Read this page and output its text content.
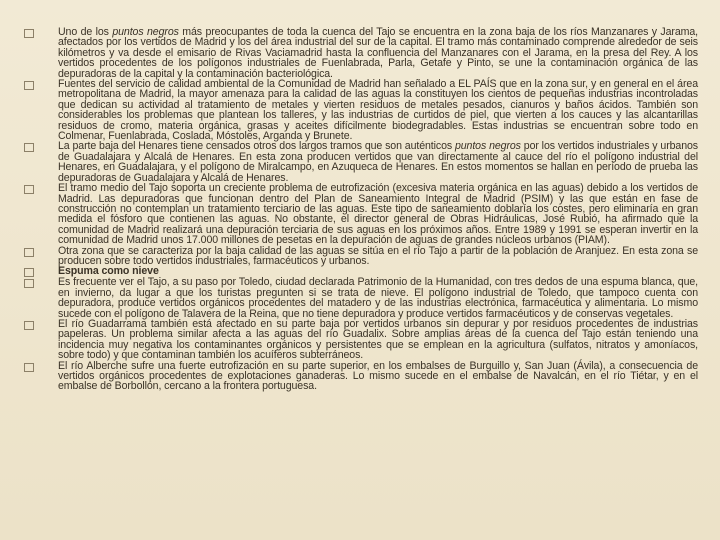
Uno de los puntos negros más preocupantes de toda la cuenca del Tajo se encuentra en la zona baja de los ríos Manzanares y Jarama, afectados por los vertidos de Madrid y los del área industrial del sur de la capital. El tramo más contaminado comprende alrededor de seis kilómetros y va desde el emisario de Rivas Vaciamadrid hasta la confluencia del Manzanares con el Jarama, en la presa del Rey. A los vertidos procedentes de los polígonos industriales de Fuenlabrada, Parla, Getafe y Pinto, se une la contaminación orgánica de las depuradoras de la capital y la contaminación bacteriológica.
Fuentes del servicio de calidad ambiental de la Comunidad de Madrid han señalado a EL PAÍS que en la zona sur, y en general en el área metropolitana de Madrid, la mayor amenaza para la calidad de las aguas la constituyen los cientos de pequeñas industrias incontroladas que dedican su actividad al tratamiento de metales y vierten residuos de metales pesados, cianuros y baños ácidos. También son considerables los problemas que plantean los talleres, y las industrias de curtidos de piel, que vierten a los cauces y las alcantarillas residuos de cromo, materia orgánica, grasas y aceites difícilmente biodegradables. Estas industrias se encuentran sobre todo en Colmenar, Fuenlabrada, Coslada, Móstoles, Arganda y Brunete.
La parte baja del Henares tiene censados otros dos largos tramos que son auténticos puntos negros por los vertidos industriales y urbanos de Guadalajara y Alcalá de Henares. En esta zona producen vertidos que van directamente al cauce del río el polígono industrial del Henares, en Guadalajara, y el polígono de Miralcampo, en Azuqueca de Henares. En estos momentos se hallan en período de prueba las depuradoras de Guadalajara y Alcalá de Henares.
El tramo medio del Tajo soporta un creciente problema de eutrofización (excesiva materia orgánica en las aguas) debido a los vertidos de Madrid. Las depuradoras que funcionan dentro del Plan de Saneamiento Integral de Madrid (PSIM) y las que están en fase de construcción no contemplan un tratamiento terciario de las aguas. Este tipo de saneamiento doblaría los costes, pero eliminaría en gran medida el fósforo que contienen las aguas. No obstante, el director general de Obras Hidráulicas, José Rubió, ha afirmado que la comunidad de Madrid realizará una depuración terciaria de sus aguas en los próximos años. Entre 1989 y 1991 se esperan invertir en la comunidad de Madrid unos 17.000 millones de pesetas en la depuración de aguas de grandes núcleos urbanos (PIAM).
Otra zona que se caracteriza por la baja calidad de las aguas se sitúa en el río Tajo a partir de la población de Aranjuez. En esta zona se producen sobre todo vertidos industriales, farmacéuticos y urbanos.
Espuma como nieve
Es frecuente ver el Tajo, a su paso por Toledo, ciudad declarada Patrimonio de la Humanidad, con tres dedos de una espuma blanca, que, en invierno, da lugar a que los turistas pregunten si se trata de nieve. El polígono industrial de Toledo, que tampoco cuenta con depuradora, produce vertidos orgánicos procedentes del matadero y de las industrias electrónica, farmacéutica y alimentaria. Lo mismo sucede con el polígono de Talavera de la Reina, que no tiene depuradora y produce vertidos farmacéuticos y de conservas vegetales.
El río Guadarrama también está afectado en su parte baja por vertidos urbanos sin depurar y por residuos procedentes de industrias papeleras. Un problema similar afecta a las aguas del río Guadalix. Sobre amplias áreas de la cuenca del Tajo están teniendo una incidencia muy negativa los contaminantes orgánicos y persistentes que se emplean en la agricultura (sulfatos, nitratos y amoníacos, sobre todo) y que contaminan también los acuíferos subterráneos.
El río Alberche sufre una fuerte eutrofización en su parte superior, en los embalses de Burguillo y, San Juan (Ávila), a consecuencia de vertidos orgánicos procedentes de explotaciones ganaderas. Lo mismo sucede en el embalse de Navalcán, en el río Tiétar, y en el embalse de Borbollón, cercano a la frontera portuguesa.
